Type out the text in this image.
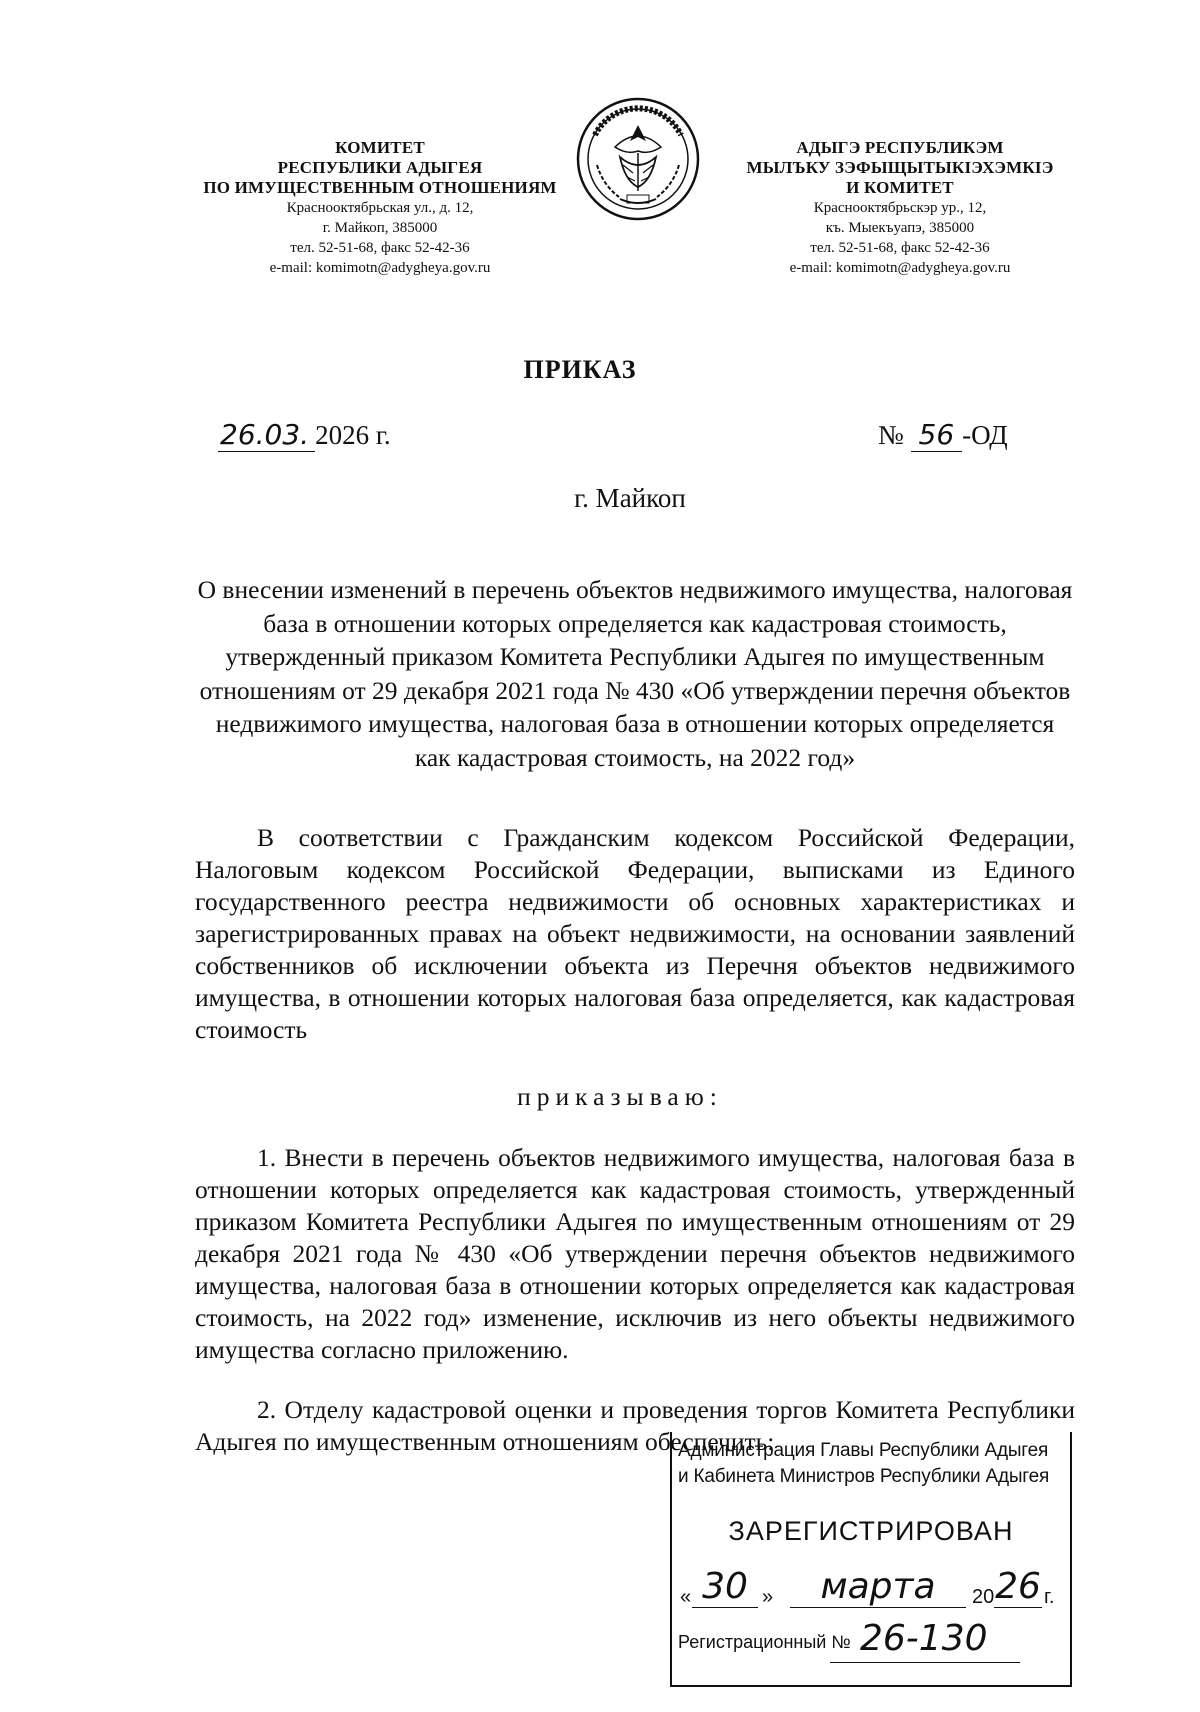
КОМИТЕТ
РЕСПУБЛИКИ АДЫГЕЯ
ПО ИМУЩЕСТВЕННЫМ ОТНОШЕНИЯМ
Краснооктябрьская ул., д. 12,
г. Майкоп, 385000
тел. 52-51-68, факс 52-42-36
e-mail: komimotn@adygheya.gov.ru
АДЫГЭ РЕСПУБЛИКЭМ
МЫЛЪКУ ЗЭФЫЩЫТЫКIЭХЭМКIЭ
И КОМИТЕТ
Краснооктябрьскэр ур., 12,
къ. Мыекъуапэ, 385000
тел. 52-51-68, факс 52-42-36
e-mail: komimotn@adygheya.gov.ru
ПРИКАЗ
26.03. 2026 г.	№ 56 -ОД
г. Майкоп
О внесении изменений в перечень объектов недвижимого имущества, налоговая база в отношении которых определяется как кадастровая стоимость, утвержденный приказом Комитета Республики Адыгея по имущественным отношениям от 29 декабря 2021 года № 430 «Об утверждении перечня объектов недвижимого имущества, налоговая база в отношении которых определяется как кадастровая стоимость, на 2022 год»
В соответствии с Гражданским кодексом Российской Федерации, Налоговым кодексом Российской Федерации, выписками из Единого государственного реестра недвижимости об основных характеристиках и зарегистрированных правах на объект недвижимости, на основании заявлений собственников об исключении объекта из Перечня объектов недвижимого имущества, в отношении которых налоговая база определяется, как кадастровая стоимость
приказываю:
1. Внести в перечень объектов недвижимого имущества, налоговая база в отношении которых определяется как кадастровая стоимость, утвержденный приказом Комитета Республики Адыгея по имущественным отношениям от 29 декабря 2021 года № 430 «Об утверждении перечня объектов недвижимого имущества, налоговая база в отношении которых определяется как кадастровая стоимость, на 2022 год» изменение, исключив из него объекты недвижимого имущества согласно приложению.
2. Отделу кадастровой оценки и проведения торгов Комитета Республики Адыгея по имущественным отношениям обеспечить:
Администрация Главы Республики Адыгея
и Кабинета Министров Республики Адыгея
ЗАРЕГИСТРИРОВАН
« 30 »	марта	20 26 г.
Регистрационный № 26-130
